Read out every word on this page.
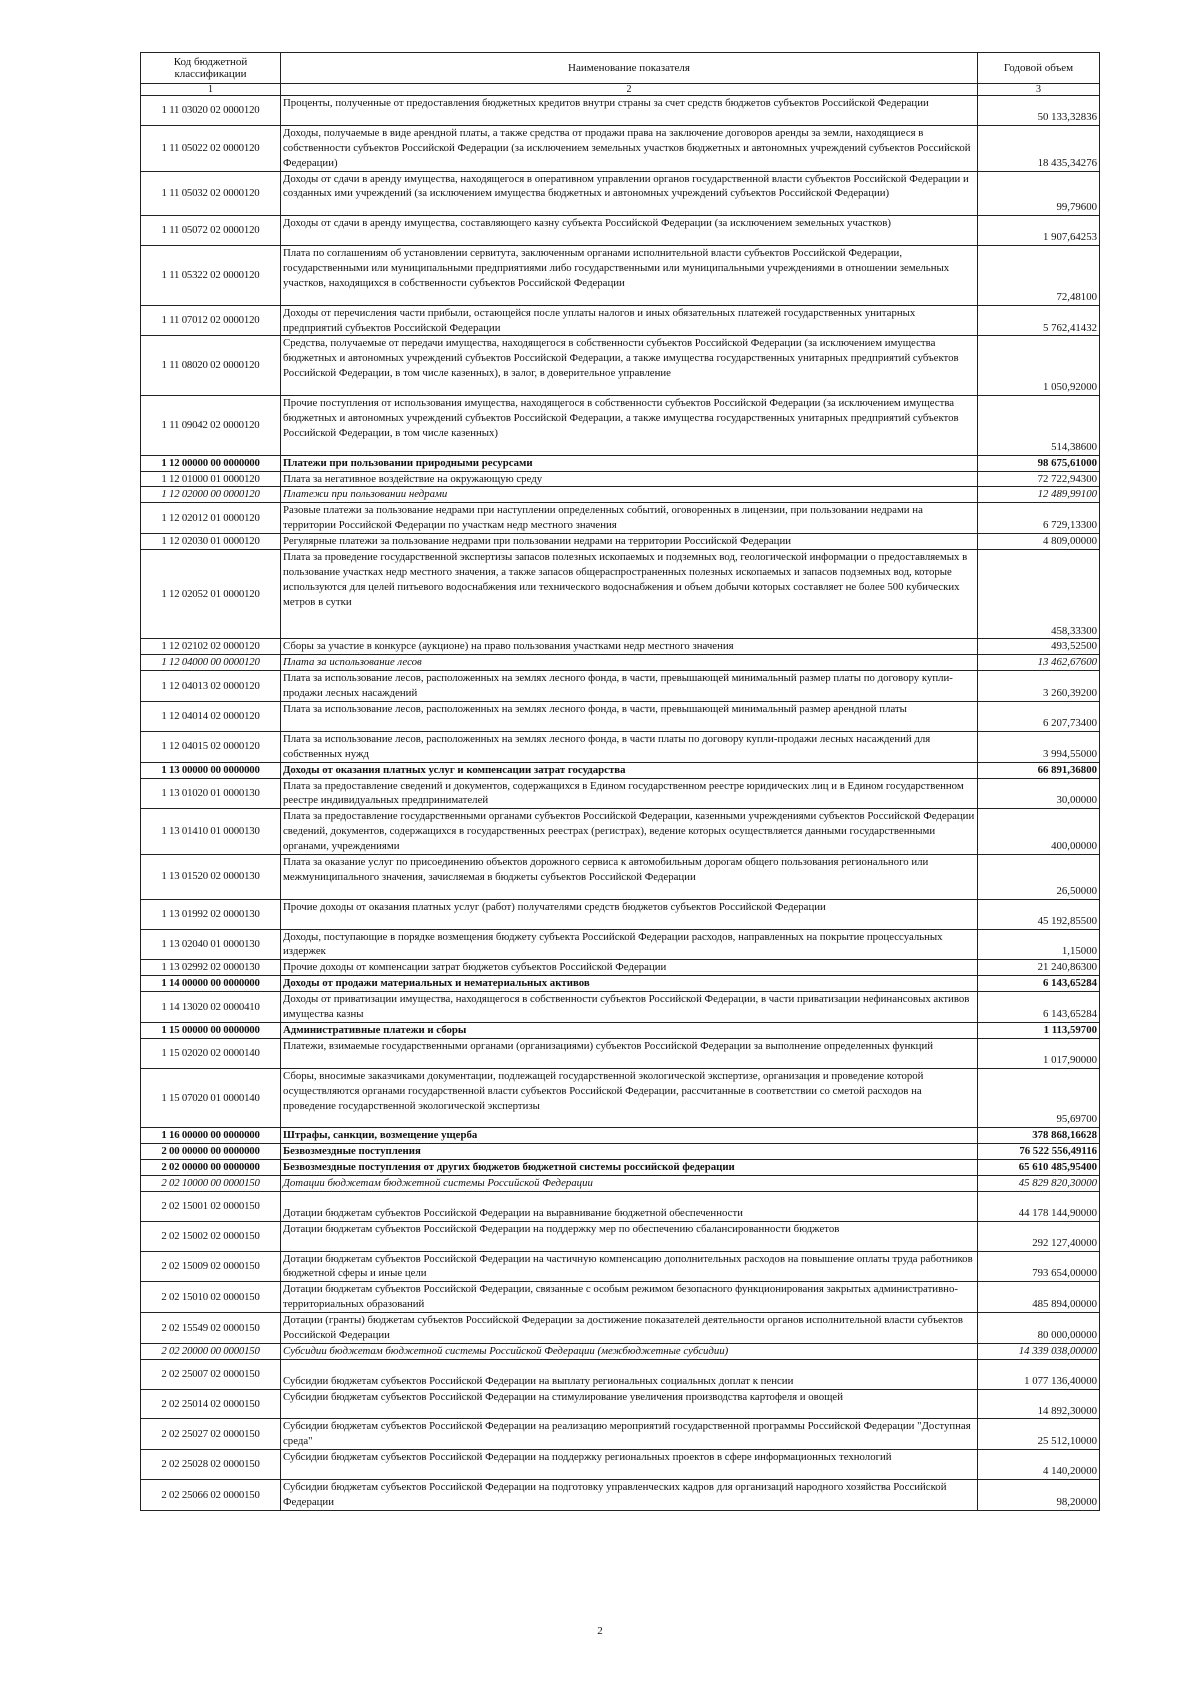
Код бюджетной классификации	Наименование показателя	Годовой объем
1	2	3
1 11 03020 02 0000120	Проценты, полученные от предоставления бюджетных кредитов внутри страны за счет средств бюджетов субъектов Российской Федерации	50 133,32836
1 11 05022 02 0000120	Доходы, получаемые в виде арендной платы, а также средства от продажи права на заключение договоров аренды за земли, находящиеся в собственности субъектов Российской Федерации (за исключением земельных участков бюджетных и автономных учреждений субъектов Российской Федерации)	18 435,34276
1 11 05032 02 0000120	Доходы от сдачи в аренду имущества, находящегося в оперативном управлении органов государственной власти субъектов Российской Федерации и созданных ими учреждений (за исключением имущества бюджетных и автономных учреждений субъектов Российской Федерации)	99,79600
1 11 05072 02 0000120	Доходы от сдачи в аренду имущества, составляющего казну субъекта Российской Федерации (за исключением земельных участков)	1 907,64253
1 11 05322 02 0000120	Плата по соглашениям об установлении сервитута, заключенным органами исполнительной власти субъектов Российской Федерации, государственными или муниципальными предприятиями либо государственными или муниципальными учреждениями в отношении земельных участков, находящихся в собственности субъектов Российской Федерации	72,48100
1 11 07012 02 0000120	Доходы от перечисления части прибыли, остающейся после уплаты налогов и иных обязательных платежей государственных унитарных предприятий субъектов Российской Федерации	5 762,41432
1 11 08020 02 0000120	Средства, получаемые от передачи имущества, находящегося в собственности субъектов Российской Федерации (за исключением имущества бюджетных и автономных учреждений субъектов Российской Федерации, а также имущества государственных унитарных предприятий субъектов Российской Федерации, в том числе казенных), в залог, в доверительное управление	1 050,92000
1 11 09042 02 0000120	Прочие поступления от использования имущества, находящегося в собственности субъектов Российской Федерации (за исключением имущества бюджетных и автономных учреждений субъектов Российской Федерации, а также имущества государственных унитарных предприятий субъектов Российской Федерации, в том числе казенных)	514,38600
1 12 00000 00 0000000	Платежи при пользовании природными ресурсами	98 675,61000
1 12 01000 01 0000120	Плата за негативное воздействие на окружающую среду	72 722,94300
1 12 02000 00 0000120	Платежи при пользовании недрами	12 489,99100
1 12 02012 01 0000120	Разовые платежи за пользование недрами при наступлении определенных событий, оговоренных в лицензии, при пользовании недрами на территории Российской Федерации по участкам недр местного значения	6 729,13300
1 12 02030 01 0000120	Регулярные платежи за пользование недрами при пользовании недрами на территории Российской Федерации	4 809,00000
1 12 02052 01 0000120	Плата за проведение государственной экспертизы запасов полезных ископаемых и подземных вод, геологической информации о предоставляемых в пользование участках недр местного значения, а также запасов общераспространенных полезных ископаемых и запасов подземных вод, которые используются для целей питьевого водоснабжения или технического водоснабжения и объем добычи которых составляет не более 500 кубических метров в сутки	458,33300
1 12 02102 02 0000120	Сборы за участие в конкурсе (аукционе) на право пользования участками недр местного значения	493,52500
1 12 04000 00 0000120	Плата за использование лесов	13 462,67600
1 12 04013 02 0000120	Плата за использование лесов, расположенных на землях лесного фонда, в части, превышающей минимальный размер платы по договору купли-продажи лесных насаждений	3 260,39200
1 12 04014 02 0000120	Плата за использование лесов, расположенных на землях лесного фонда, в части, превышающей минимальный размер арендной платы	6 207,73400
1 12 04015 02 0000120	Плата за использование лесов, расположенных на землях лесного фонда, в части платы по договору купли-продажи лесных насаждений для собственных нужд	3 994,55000
1 13 00000 00 0000000	Доходы от оказания платных услуг и компенсации затрат государства	66 891,36800
1 13 01020 01 0000130	Плата за предоставление сведений и документов, содержащихся в Едином государственном реестре юридических лиц и в Едином государственном реестре индивидуальных предпринимателей	30,00000
1 13 01410 01 0000130	Плата за предоставление государственными органами субъектов Российской Федерации, казенными учреждениями субъектов Российской Федерации сведений, документов, содержащихся в государственных реестрах (регистрах), ведение которых осуществляется данными государственными органами, учреждениями	400,00000
1 13 01520 02 0000130	Плата за оказание услуг по присоединению объектов дорожного сервиса к автомобильным дорогам общего пользования регионального или межмуниципального значения, зачисляемая в бюджеты субъектов Российской Федерации	26,50000
1 13 01992 02 0000130	Прочие доходы от оказания платных услуг (работ) получателями средств бюджетов субъектов Российской Федерации	45 192,85500
1 13 02040 01 0000130	Доходы, поступающие в порядке возмещения бюджету субъекта Российской Федерации расходов, направленных на покрытие процессуальных издержек	1,15000
1 13 02992 02 0000130	Прочие доходы от компенсации затрат бюджетов субъектов Российской Федерации	21 240,86300
1 14 00000 00 0000000	Доходы от продажи материальных и нематериальных активов	6 143,65284
1 14 13020 02 0000410	Доходы от приватизации имущества, находящегося в собственности субъектов Российской Федерации, в части приватизации нефинансовых активов имущества казны	6 143,65284
1 15 00000 00 0000000	Административные платежи и сборы	1 113,59700
1 15 02020 02 0000140	Платежи, взимаемые государственными органами (организациями) субъектов Российской Федерации за выполнение определенных функций	1 017,90000
1 15 07020 01 0000140	Сборы, вносимые заказчиками документации, подлежащей государственной экологической экспертизе, организация и проведение которой осуществляются органами государственной власти субъектов Российской Федерации, рассчитанные в соответствии со сметой расходов на проведение государственной экологической экспертизы	95,69700
1 16 00000 00 0000000	Штрафы, санкции, возмещение ущерба	378 868,16628
2 00 00000 00 0000000	Безвозмездные поступления	76 522 556,49116
2 02 00000 00 0000000	Безвозмездные поступления от других бюджетов бюджетной системы российской федерации	65 610 485,95400
2 02 10000 00 0000150	Дотации бюджетам бюджетной системы Российской Федерации	45 829 820,30000
2 02 15001 02 0000150	Дотации бюджетам субъектов Российской Федерации на выравнивание бюджетной обеспеченности	44 178 144,90000
2 02 15002 02 0000150	Дотации бюджетам субъектов Российской Федерации на поддержку мер по обеспечению сбалансированности бюджетов	292 127,40000
2 02 15009 02 0000150	Дотации бюджетам субъектов Российской Федерации на частичную компенсацию дополнительных расходов на повышение оплаты труда работников бюджетной сферы и иные цели	793 654,00000
2 02 15010 02 0000150	Дотации бюджетам субъектов Российской Федерации, связанные с особым режимом безопасного функционирования закрытых административно-территориальных образований	485 894,00000
2 02 15549 02 0000150	Дотации (гранты) бюджетам субъектов Российской Федерации за достижение показателей деятельности органов исполнительной власти субъектов Российской Федерации	80 000,00000
2 02 20000 00 0000150	Субсидии бюджетам бюджетной системы Российской Федерации (межбюджетные субсидии)	14 339 038,00000
2 02 25007 02 0000150	Субсидии бюджетам субъектов Российской Федерации на выплату региональных социальных доплат к пенсии	1 077 136,40000
2 02 25014 02 0000150	Субсидии бюджетам субъектов Российской Федерации на стимулирование увеличения производства картофеля и овощей	14 892,30000
2 02 25027 02 0000150	Субсидии бюджетам субъектов Российской Федерации на реализацию мероприятий государственной программы Российской Федерации "Доступная среда"	25 512,10000
2 02 25028 02 0000150	Субсидии бюджетам субъектов Российской Федерации на поддержку региональных проектов в сфере информационных технологий	4 140,20000
2 02 25066 02 0000150	Субсидии бюджетам субъектов Российской Федерации на подготовку управленческих кадров для организаций народного хозяйства Российской Федерации	98,20000
2
